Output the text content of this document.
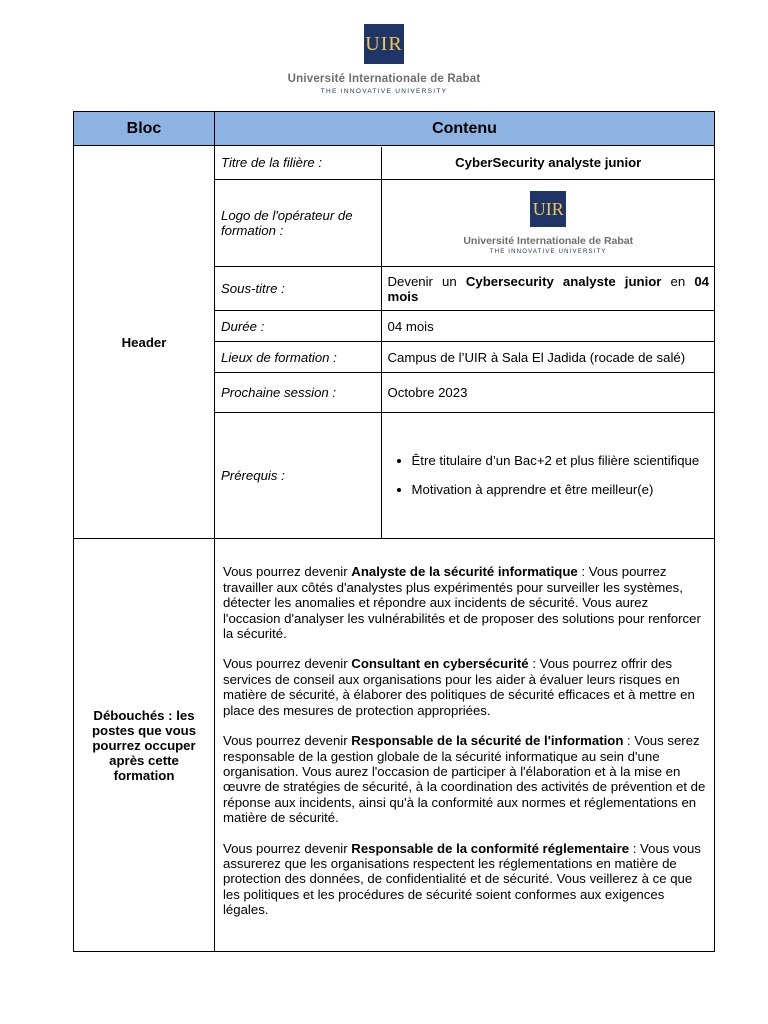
UIR
Université Internationale de Rabat
THE INNOVATIVE UNIVERSITY
Bloc	Contenu
Header	
Titre de la filière :	CyberSecurity analyste junior
Logo de l'opérateur de formation :	
UIR
Université Internationale de Rabat
THE INNOVATIVE UNIVERSITY

Sous-titre :	Devenir un Cybersecurity analyste junior en 04 mois
Durée :	04 mois
Lieux de formation :	Campus de l’UIR à Sala El Jadida (rocade de salé)
Prochaine session :	Octobre 2023
Prérequis :	
• Être titulaire d’un Bac+2 et plus filière scientifique
• Motivation à apprendre et être meilleur(e)

Débouchés : les postes que vous pourrez occuper après cette formation	

Vous pourrez devenir Analyste de la sécurité informatique : Vous pourrez travailler aux côtés d'analystes plus expérimentés pour surveiller les systèmes, détecter les anomalies et répondre aux incidents de sécurité. Vous aurez l'occasion d'analyser les vulnérabilités et de proposer des solutions pour renforcer la sécurité.

Vous pourrez devenir Consultant en cybersécurité : Vous pourrez offrir des services de conseil aux organisations pour les aider à évaluer leurs risques en matière de sécurité, à élaborer des politiques de sécurité efficaces et à mettre en place des mesures de protection appropriées.

Vous pourrez devenir Responsable de la sécurité de l'information : Vous serez responsable de la gestion globale de la sécurité informatique au sein d'une organisation. Vous aurez l'occasion de participer à l'élaboration et à la mise en œuvre de stratégies de sécurité, à la coordination des activités de prévention et de réponse aux incidents, ainsi qu'à la conformité aux normes et réglementations en matière de sécurité.

Vous pourrez devenir Responsable de la conformité réglementaire : Vous vous assurerez que les organisations respectent les réglementations en matière de protection des données, de confidentialité et de sécurité. Vous veillerez à ce que les politiques et les procédures de sécurité soient conformes aux exigences légales.
